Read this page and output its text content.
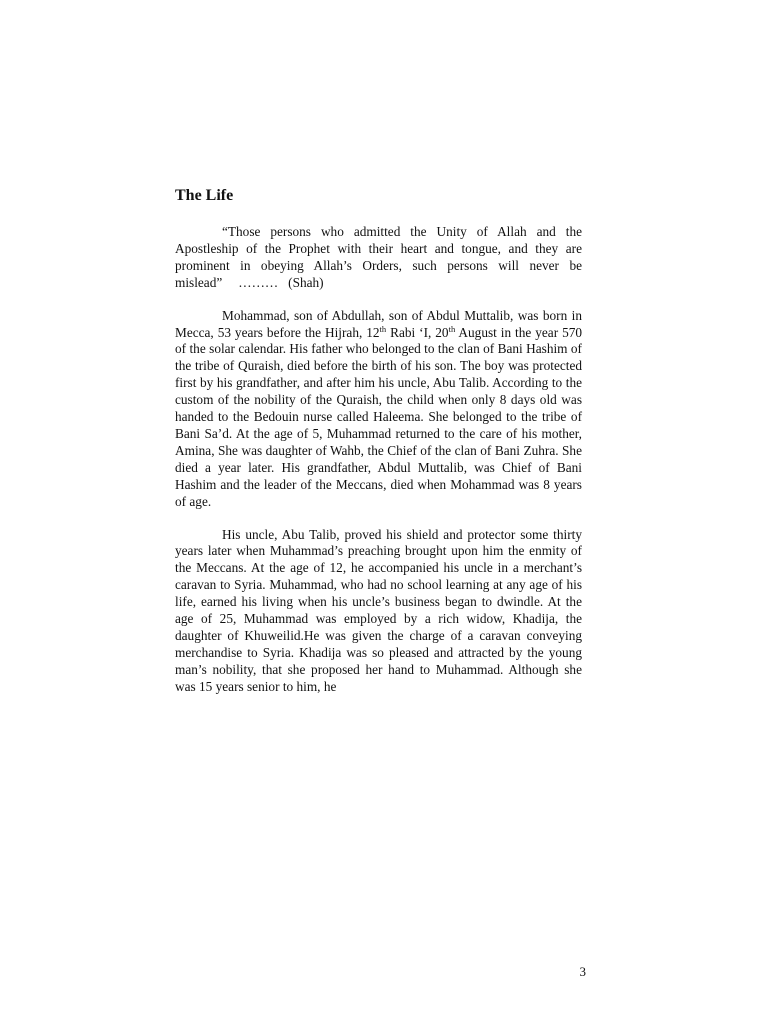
The Life

“Those persons who admitted the Unity of Allah and the Apostleship of the Prophet with their heart and tongue, and they are prominent in obeying Allah’s Orders, such persons will never be mislead” ……… (Shah)

Mohammad, son of Abdullah, son of Abdul Muttalib, was born in Mecca, 53 years before the Hijrah, 12th Rabi ‘I, 20th August in the year 570 of the solar calendar. His father who belonged to the clan of Bani Hashim of the tribe of Quraish, died before the birth of his son. The boy was protected first by his grandfather, and after him his uncle, Abu Talib. According to the custom of the nobility of the Quraish, the child when only 8 days old was handed to the Bedouin nurse called Haleema. She belonged to the tribe of Bani Sa’d. At the age of 5, Muhammad returned to the care of his mother, Amina, She was daughter of Wahb, the Chief of the clan of Bani Zuhra. She died a year later. His grandfather, Abdul Muttalib, was Chief of Bani Hashim and the leader of the Meccans, died when Mohammad was 8 years of age.

His uncle, Abu Talib, proved his shield and protector some thirty years later when Muhammad’s preaching brought upon him the enmity of the Meccans. At the age of 12, he accompanied his uncle in a merchant’s caravan to Syria. Muhammad, who had no school learning at any age of his life, earned his living when his uncle’s business began to dwindle. At the age of 25, Muhammad was employed by a rich widow, Khadija, the daughter of Khuweilid.He was given the charge of a caravan conveying merchandise to Syria. Khadija was so pleased and attracted by the young man’s nobility, that she proposed her hand to Muhammad. Although she was 15 years senior to him, he

3
